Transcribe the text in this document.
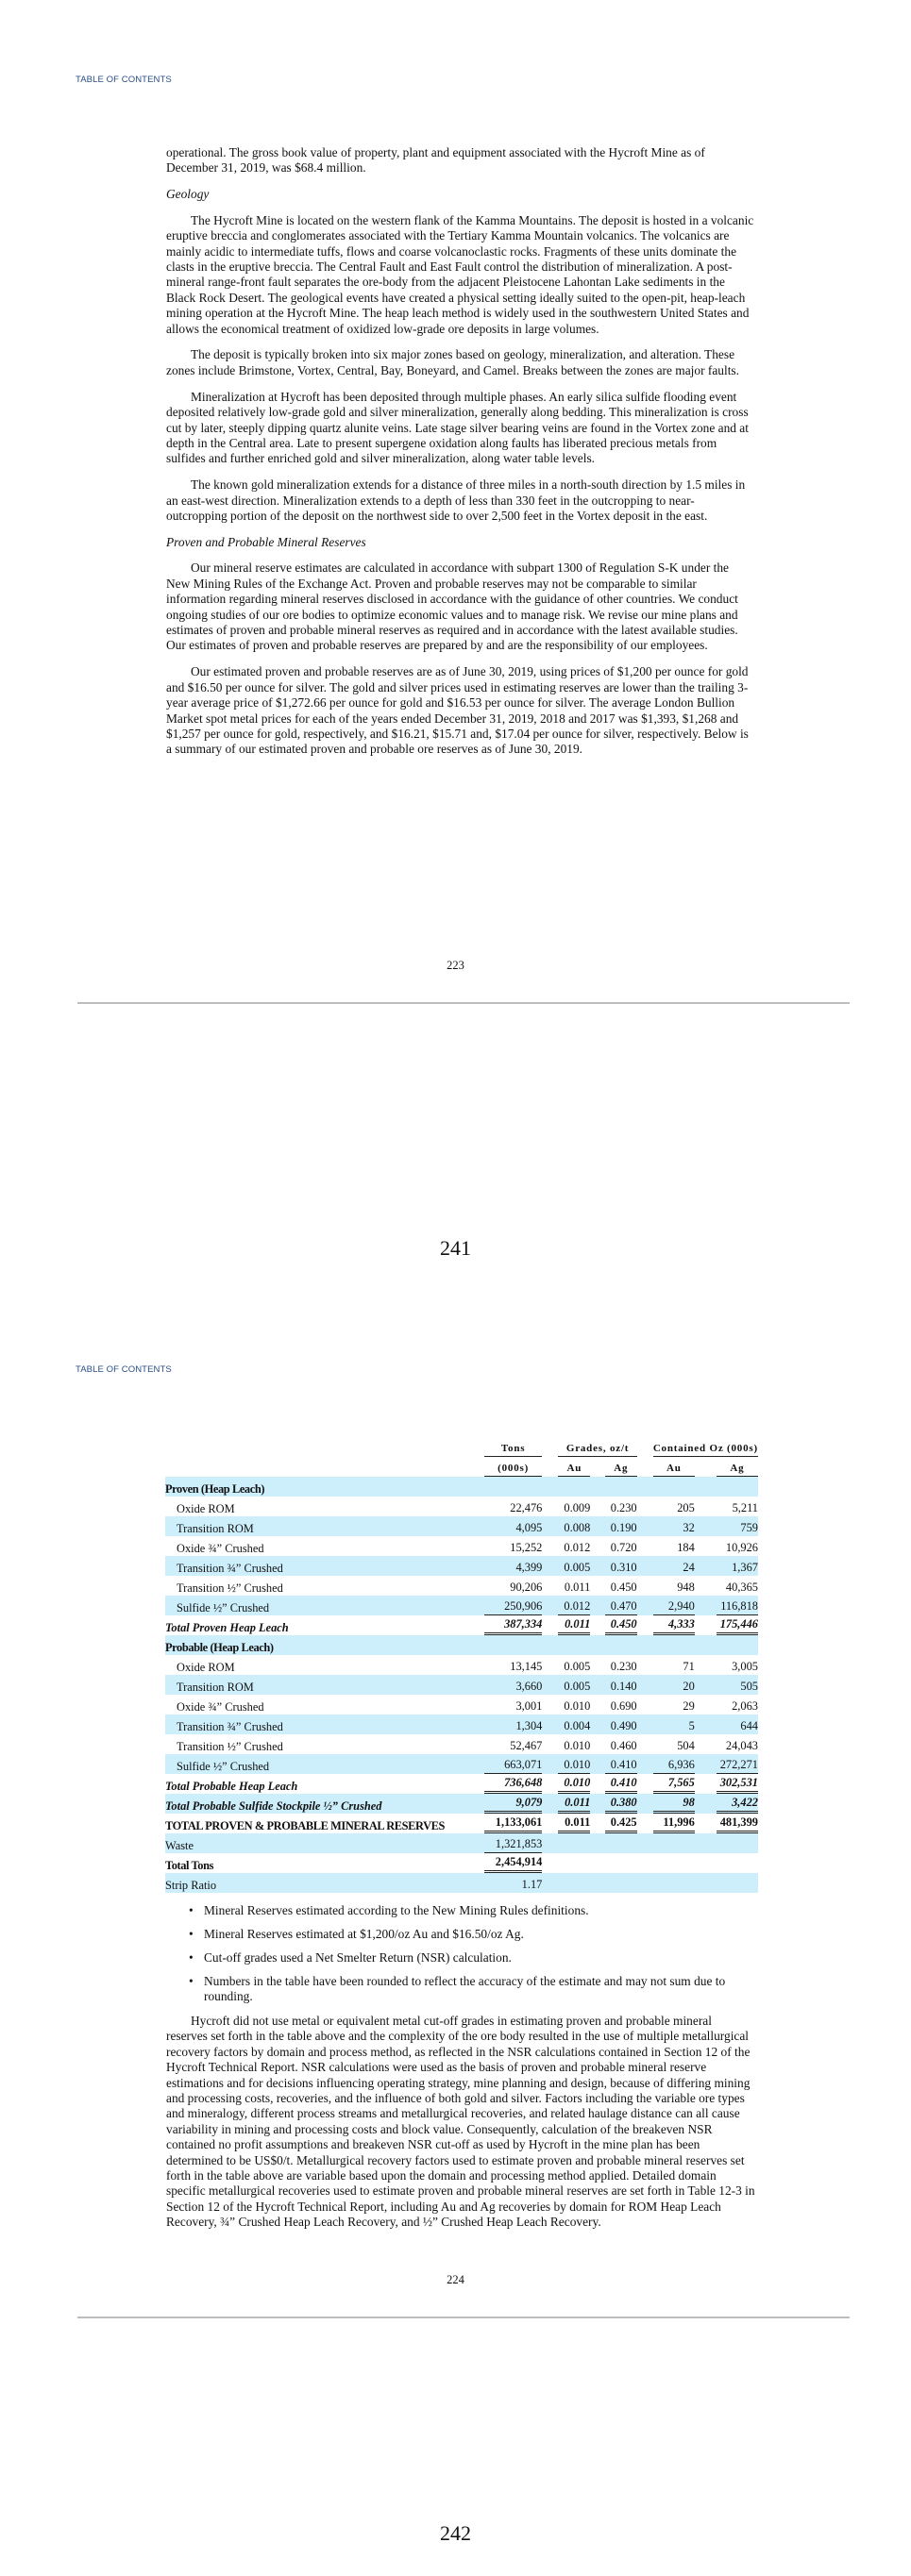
TABLE OF CONTENTS

operational. The gross book value of property, plant and equipment associated with the Hycroft Mine as of December 31, 2019, was $68.4 million.

Geology

The Hycroft Mine is located on the western flank of the Kamma Mountains. The deposit is hosted in a volcanic eruptive breccia and conglomerates associated with the Tertiary Kamma Mountain volcanics. The volcanics are mainly acidic to intermediate tuffs, flows and coarse volcanoclastic rocks. Fragments of these units dominate the clasts in the eruptive breccia. The Central Fault and East Fault control the distribution of mineralization. A post-mineral range-front fault separates the ore-body from the adjacent Pleistocene Lahontan Lake sediments in the Black Rock Desert. The geological events have created a physical setting ideally suited to the open-pit, heap-leach mining operation at the Hycroft Mine. The heap leach method is widely used in the southwestern United States and allows the economical treatment of oxidized low-grade ore deposits in large volumes.

The deposit is typically broken into six major zones based on geology, mineralization, and alteration. These zones include Brimstone, Vortex, Central, Bay, Boneyard, and Camel. Breaks between the zones are major faults.

Mineralization at Hycroft has been deposited through multiple phases. An early silica sulfide flooding event deposited relatively low-grade gold and silver mineralization, generally along bedding. This mineralization is cross cut by later, steeply dipping quartz alunite veins. Late stage silver bearing veins are found in the Vortex zone and at depth in the Central area. Late to present supergene oxidation along faults has liberated precious metals from sulfides and further enriched gold and silver mineralization, along water table levels.

The known gold mineralization extends for a distance of three miles in a north-south direction by 1.5 miles in an east-west direction. Mineralization extends to a depth of less than 330 feet in the outcropping to near-outcropping portion of the deposit on the northwest side to over 2,500 feet in the Vortex deposit in the east.

Proven and Probable Mineral Reserves

Our mineral reserve estimates are calculated in accordance with subpart 1300 of Regulation S-K under the New Mining Rules of the Exchange Act. Proven and probable reserves may not be comparable to similar information regarding mineral reserves disclosed in accordance with the guidance of other countries. We conduct ongoing studies of our ore bodies to optimize economic values and to manage risk. We revise our mine plans and estimates of proven and probable mineral reserves as required and in accordance with the latest available studies. Our estimates of proven and probable reserves are prepared by and are the responsibility of our employees.

Our estimated proven and probable reserves are as of June 30, 2019, using prices of $1,200 per ounce for gold and $16.50 per ounce for silver. The gold and silver prices used in estimating reserves are lower than the trailing 3-year average price of $1,272.66 per ounce for gold and $16.53 per ounce for silver. The average London Bullion Market spot metal prices for each of the years ended December 31, 2019, 2018 and 2017 was $1,393, $1,268 and $1,257 per ounce for gold, respectively, and $16.21, $15.71 and, $17.04 per ounce for silver, respectively. Below is a summary of our estimated proven and probable ore reserves as of June 30, 2019.

223
241
TABLE OF CONTENTS

	Tons		Grades, oz/t				Contained Oz (000s)		

	(000s)		Au		Ag		Au		Ag

Proven (Heap Leach)									
Oxide ROM	22,476		0.009		0.230		205		5,211
Transition ROM	4,095		0.008		0.190		32		759
Oxide ¾” Crushed	15,252		0.012		0.720		184		10,926
Transition ¾” Crushed	4,399		0.005		0.310		24		1,367
Transition ½” Crushed	90,206		0.011		0.450		948		40,365
Sulfide ½” Crushed	250,906		0.012		0.470		2,940		116,818
Total Proven Heap Leach	387,334		0.011		0.450		4,333		175,446
Probable (Heap Leach)									
Oxide ROM	13,145		0.005		0.230		71		3,005
Transition ROM	3,660		0.005		0.140		20		505
Oxide ¾” Crushed	3,001		0.010		0.690		29		2,063
Transition ¾” Crushed	1,304		0.004		0.490		5		644
Transition ½” Crushed	52,467		0.010		0.460		504		24,043
Sulfide ½” Crushed	663,071		0.010		0.410		6,936		272,271
Total Probable Heap Leach	736,648		0.010		0.410		7,565		302,531
Total Probable Sulfide Stockpile ½” Crushed	9,079		0.011		0.380		98		3,422
TOTAL PROVEN & PROBABLE MINERAL RESERVES	1,133,061		0.011		0.425		11,996		481,399
Waste	1,321,853								
Total Tons	2,454,914								
Strip Ratio	1.17								
• Mineral Reserves estimated according to the New Mining Rules definitions.
• Mineral Reserves estimated at $1,200/oz Au and $16.50/oz Ag.
• Cut-off grades used a Net Smelter Return (NSR) calculation.
• Numbers in the table have been rounded to reflect the accuracy of the estimate and may not sum due to rounding.

Hycroft did not use metal or equivalent metal cut-off grades in estimating proven and probable mineral reserves set forth in the table above and the complexity of the ore body resulted in the use of multiple metallurgical recovery factors by domain and process method, as reflected in the NSR calculations contained in Section 12 of the Hycroft Technical Report. NSR calculations were used as the basis of proven and probable mineral reserve estimations and for decisions influencing operating strategy, mine planning and design, because of differing mining and processing costs, recoveries, and the influence of both gold and silver. Factors including the variable ore types and mineralogy, different process streams and metallurgical recoveries, and related haulage distance can all cause variability in mining and processing costs and block value. Consequently, calculation of the breakeven NSR contained no profit assumptions and breakeven NSR cut-off as used by Hycroft in the mine plan has been determined to be US$0/t. Metallurgical recovery factors used to estimate proven and probable mineral reserves set forth in the table above are variable based upon the domain and processing method applied. Detailed domain specific metallurgical recoveries used to estimate proven and probable mineral reserves are set forth in Table 12-3 in Section 12 of the Hycroft Technical Report, including Au and Ag recoveries by domain for ROM Heap Leach Recovery, ¾” Crushed Heap Leach Recovery, and ½” Crushed Heap Leach Recovery.

224
242
